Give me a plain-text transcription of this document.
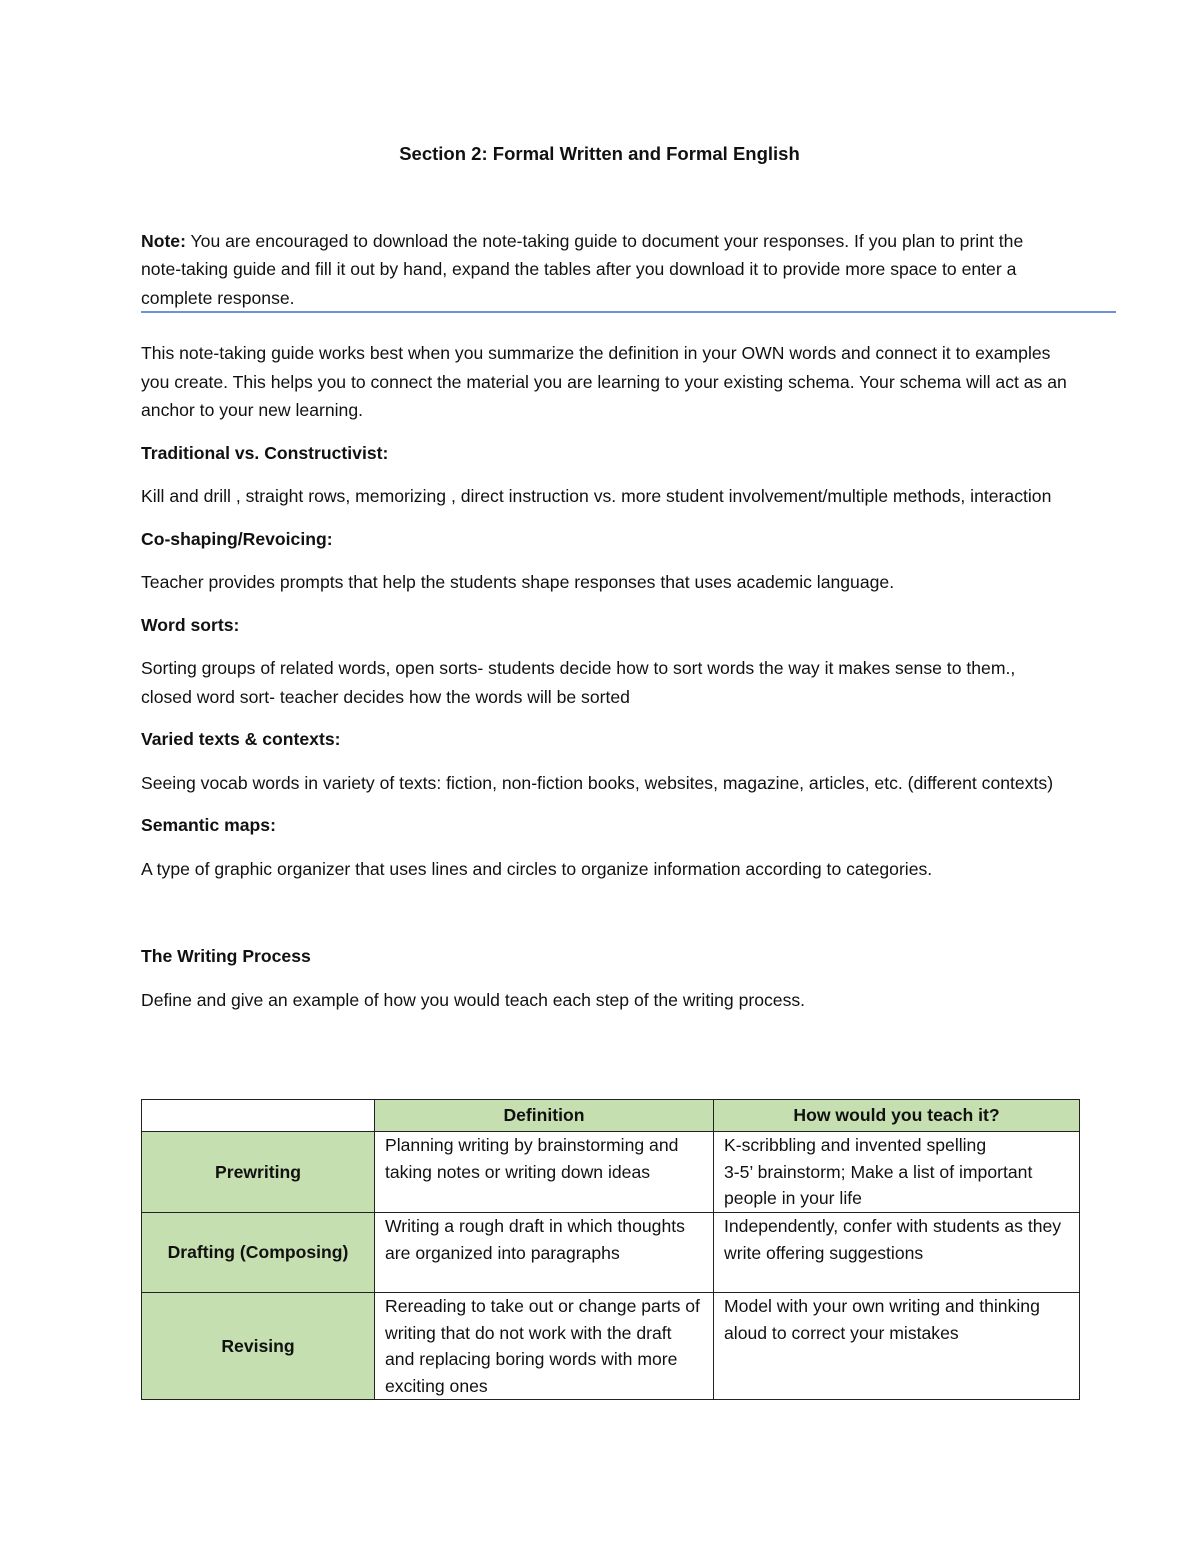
Section 2: Formal Written and Formal English

Note: You are encouraged to download the note-taking guide to document your responses. If you plan to print the note-taking guide and fill it out by hand, expand the tables after you download it to provide more space to enter a complete response.

This note-taking guide works best when you summarize the definition in your OWN words and connect it to examples you create. This helps you to connect the material you are learning to your existing schema. Your schema will act as an anchor to your new learning.

Traditional vs. Constructivist:

Kill and drill , straight rows, memorizing , direct instruction vs. more student involvement/multiple methods, interaction

Co-shaping/Revoicing:

Teacher provides prompts that help the students shape responses that uses academic language.

Word sorts:

Sorting groups of related words, open sorts- students decide how to sort words the way it makes sense to them., closed word sort- teacher decides how the words will be sorted

Varied texts & contexts:

Seeing vocab words in variety of texts: fiction, non-fiction books, websites, magazine, articles, etc. (different contexts)

Semantic maps:

A type of graphic organizer that uses lines and circles to organize information according to categories.

The Writing Process

Define and give an example of how you would teach each step of the writing process.

	Definition	How would you teach it?
Prewriting	Planning writing by brainstorming and taking notes or writing down ideas	K-scribbling and invented spelling
3-5’ brainstorm; Make a list of important people in your life

Drafting (Composing)	Writing a rough draft in which thoughts are organized into paragraphs	Independently, confer with students as they write offering suggestions

Revising	Rereading to take out or change parts of writing that do not work with the draft and replacing boring words with more exciting ones	Model with your own writing and thinking aloud to correct your mistakes
